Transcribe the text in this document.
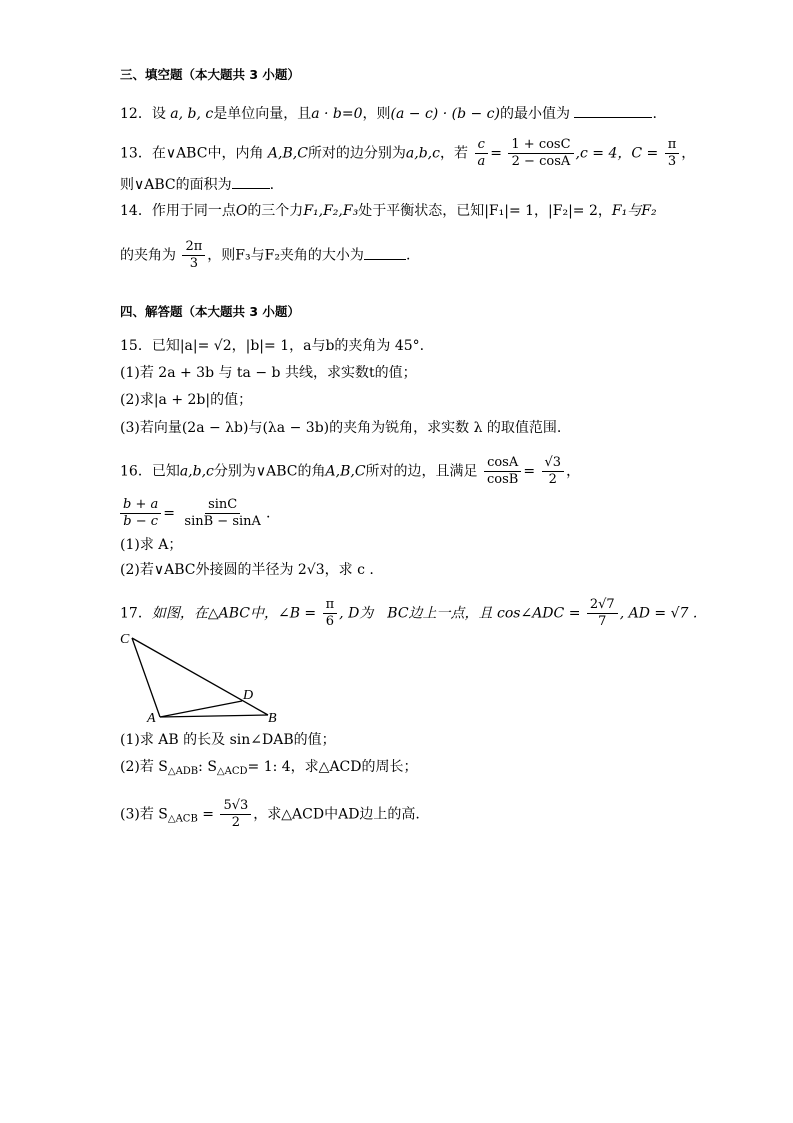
三、填空题（本大题共 3 小题）
12．设 a, b, c是单位向量，且a · b=0，则(a − c) · (b − c)的最小值为	.
13．在∨ABC中，内角 A,B,C所对的边分别为a,b,c，若 $\frac{c}{a} = \frac{1 + \cos C}{2 - \cos A} ,c = 4$，$C = \frac{\pi}{3}$ ，
则∨ABC的面积为	.
14．作用于同一点O的三个力F₁,F₂,F₃处于平衡状态，已知|F₁|= 1，|F₂|= 2，F₁与F₂
的夹角为 $\frac{2\pi}{3}$ ，则F₃与F₂夹角的大小为	.
四、解答题（本大题共 3 小题）
15．已知|a|= √2，|b|= 1，a与b的夹角为 45°.
(1)若 2a + 3b 与 ta − b 共线，求实数t的值；
(2)求|a + 2b|的值；
(3)若向量(2a − λb)与(λa − 3b)的夹角为锐角，求实数 λ 的取值范围.
16．已知a,b,c分别为∨ABC的角A,B,C所对的边，且满足 $\frac{\cos A}{\cos B} = \frac{√3}{2}$ ，
$\frac{b + a}{b - c} = \frac{\sin C}{\sin B - \sin A}$ .
(1)求 A；
(2)若∨ABC外接圆的半径为 2√3，求 c .
17．如图，在△ABC中，∠B = $\frac{\pi}{6}$ , D为　BC边上一点，且 cos∠ADC = $\frac{2√7}{7}$ , AD = √7 .
C
D
A	B
(1)求 AB 的长及 sin∠DAB的值；
(2)若 $S_{\triangle ADB}$: $S_{\triangle ACD}= 1$: 4，求△ACD的周长；
(3)若 $S_{\triangle ACB} = \frac{5√3}{2}$ ，求△ACD中AD边上的高.
